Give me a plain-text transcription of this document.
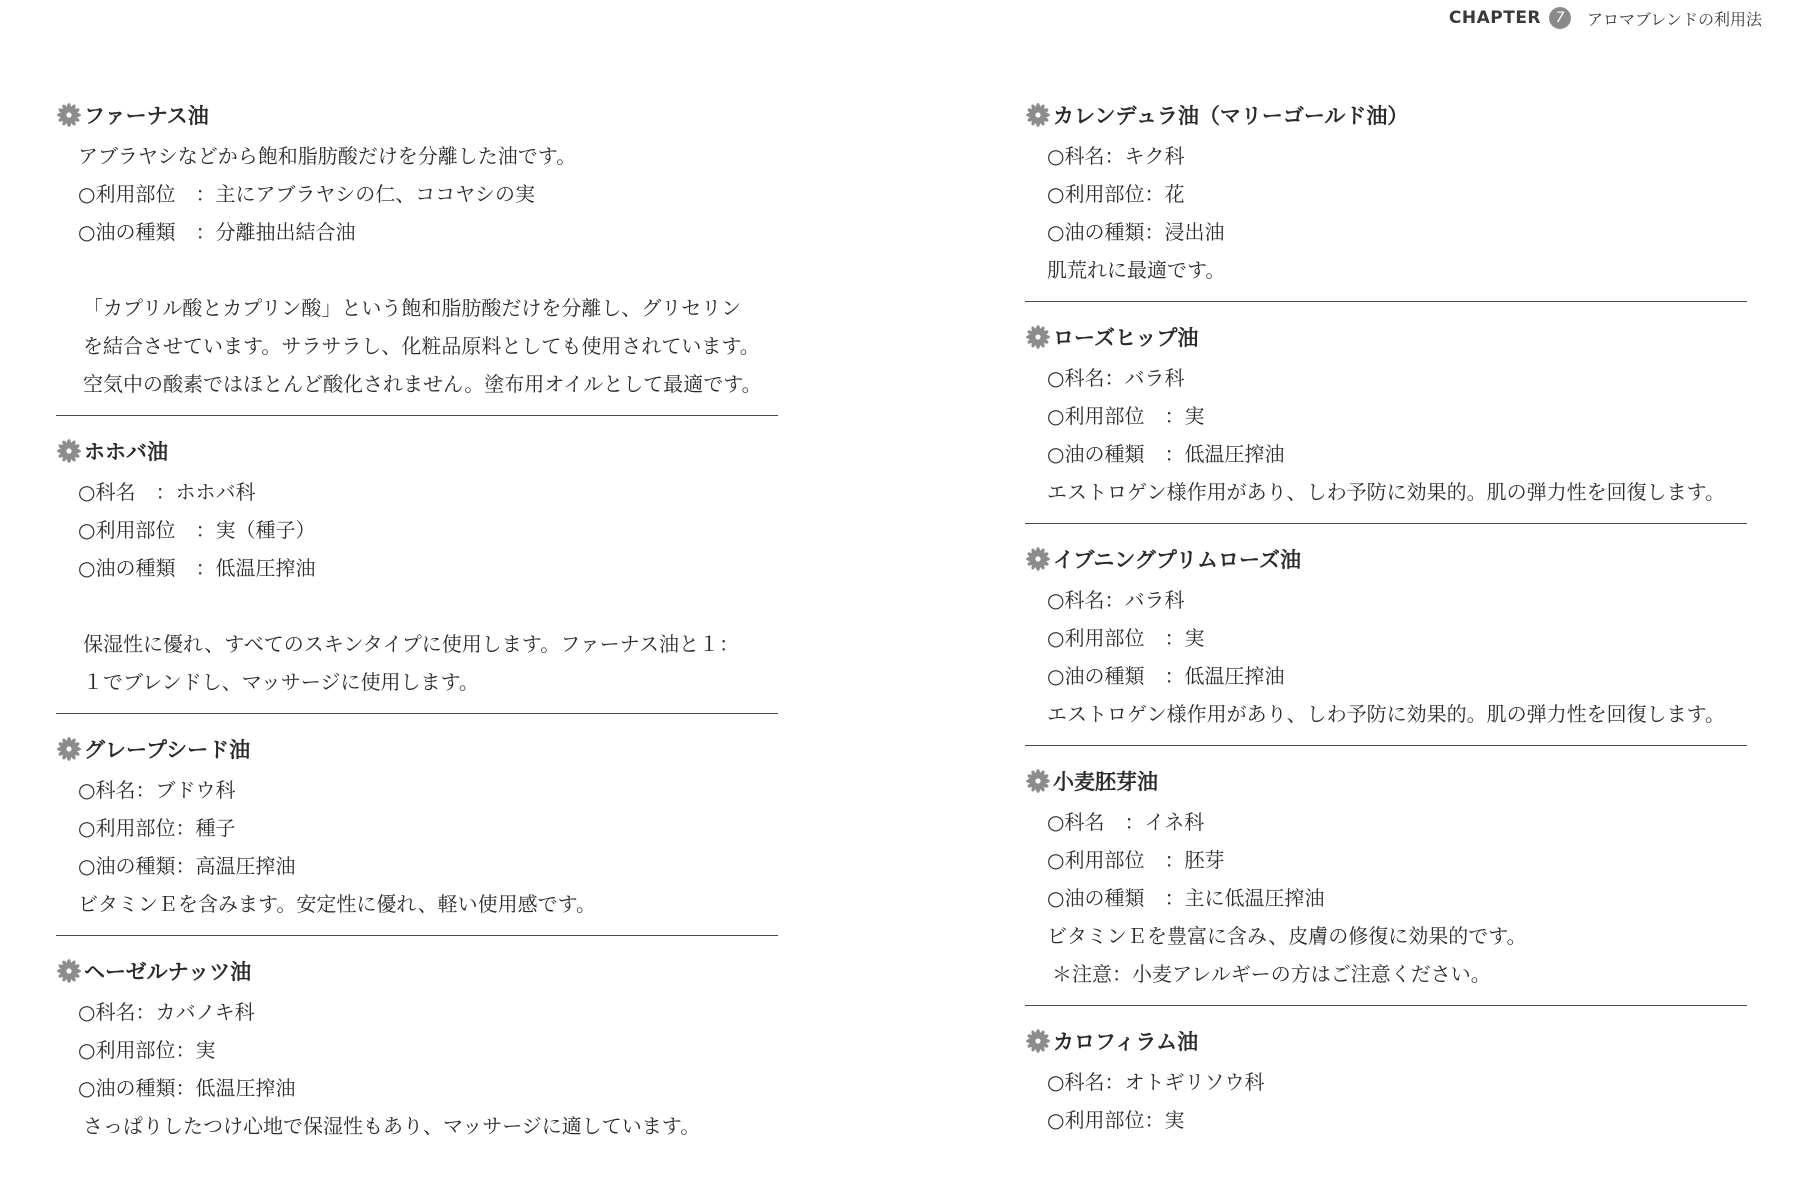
CHAPTER	7	アロマブレンドの利用法
ファーナス油

アブラヤシなどから飽和脂肪酸だけを分離した油です。

○利用部位　：主にアブラヤシの仁、ココヤシの実

○油の種類　：分離抽出結合油

「カプリル酸とカプリン酸」という飽和脂肪酸だけを分離し、グリセリン

を結合させています。サラサラし、化粧品原料としても使用されています。

空気中の酸素ではほとんど酸化されません。塗布用オイルとして最適です。

ホホバ油

○科名　：ホホバ科

○利用部位　：実（種子）

○油の種類　：低温圧搾油

保湿性に優れ、すべてのスキンタイプに使用します。ファーナス油と１：

１でブレンドし、マッサージに使用します。

グレープシード油

○科名：ブドウ科

○利用部位：種子

○油の種類：高温圧搾油

ビタミンＥを含みます。安定性に優れ、軽い使用感です。

ヘーゼルナッツ油

○科名：カバノキ科

○利用部位：実

○油の種類：低温圧搾油

さっぱりしたつけ心地で保湿性もあり、マッサージに適しています。

カレンデュラ油（マリーゴールド油）

○科名：キク科

○利用部位：花

○油の種類：浸出油

肌荒れに最適です。

ローズヒップ油

○科名：バラ科

○利用部位　：実

○油の種類　：低温圧搾油

エストロゲン様作用があり、しわ予防に効果的。肌の弾力性を回復します。

イブニングプリムローズ油

○科名：バラ科

○利用部位　：実

○油の種類　：低温圧搾油

エストロゲン様作用があり、しわ予防に効果的。肌の弾力性を回復します。

小麦胚芽油

○科名　：イネ科

○利用部位　：胚芽

○油の種類　：主に低温圧搾油

ビタミンＥを豊富に含み、皮膚の修復に効果的です。

＊注意：小麦アレルギーの方はご注意ください。

カロフィラム油

○科名：オトギリソウ科

○利用部位：実
